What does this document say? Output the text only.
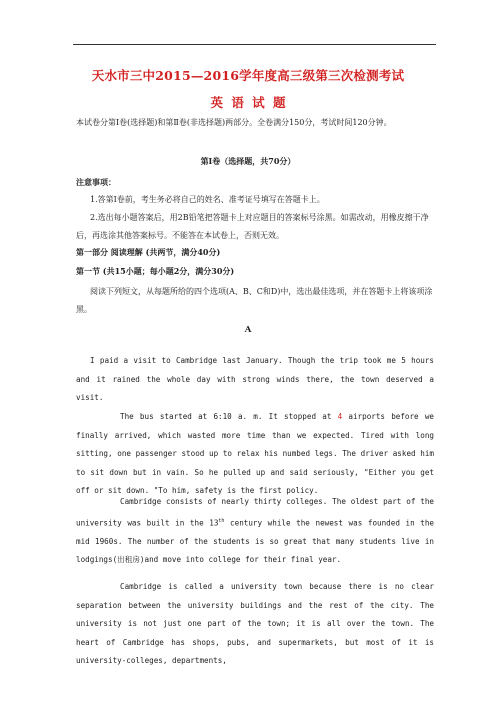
天水市三中2015—2016学年度高三级第三次检测考试
英 语 试 题
本试卷分第Ⅰ卷(选择题)和第Ⅱ卷(非选择题)两部分。全卷满分150分，考试时间120分钟。
第Ⅰ卷（选择题，共70分）
注意事项：
1.答第Ⅰ卷前，考生务必将自己的姓名、准考证号填写在答题卡上。
2.选出每小题答案后，用2B铅笔把答题卡上对应题目的答案标号涂黑。如需改动，用橡皮擦干净后，再选涂其他答案标号。不能答在本试卷上，否则无效。
第一部分 阅读理解 (共两节，满分40分)
第一节 (共15小题；每小题2分，满分30分)
阅读下列短文，从每题所给的四个选项(A、B、C和D)中，选出最佳选项，并在答题卡上将该项涂黑。
A
I paid a visit to Cambridge last January. Though the trip took me 5 hours and it rained the whole day with strong winds there, the town deserved a visit.
The bus started at 6:10 a. m. It stopped at 4 airports before we finally arrived, which wasted more time than we expected. Tired with long sitting, one passenger stood up to relax his numbed legs. The driver asked him to sit down but in vain. So he pulled up and said seriously, "Either you get off or sit down. "To him, safety is the first policy.
Cambridge consists of nearly thirty colleges. The oldest part of the university was built in the 13th century while the newest was founded in the mid 1960s. The number of the students is so great that many students live in lodgings(出租房)and move into college for their final year.
Cambridge is called a university town because there is no clear separation between the university buildings and the rest of the city. The university is not just one part of the town; it is all over the town. The heart of Cambridge has shops, pubs, and supermarkets, but most of it is university-colleges, departments,
